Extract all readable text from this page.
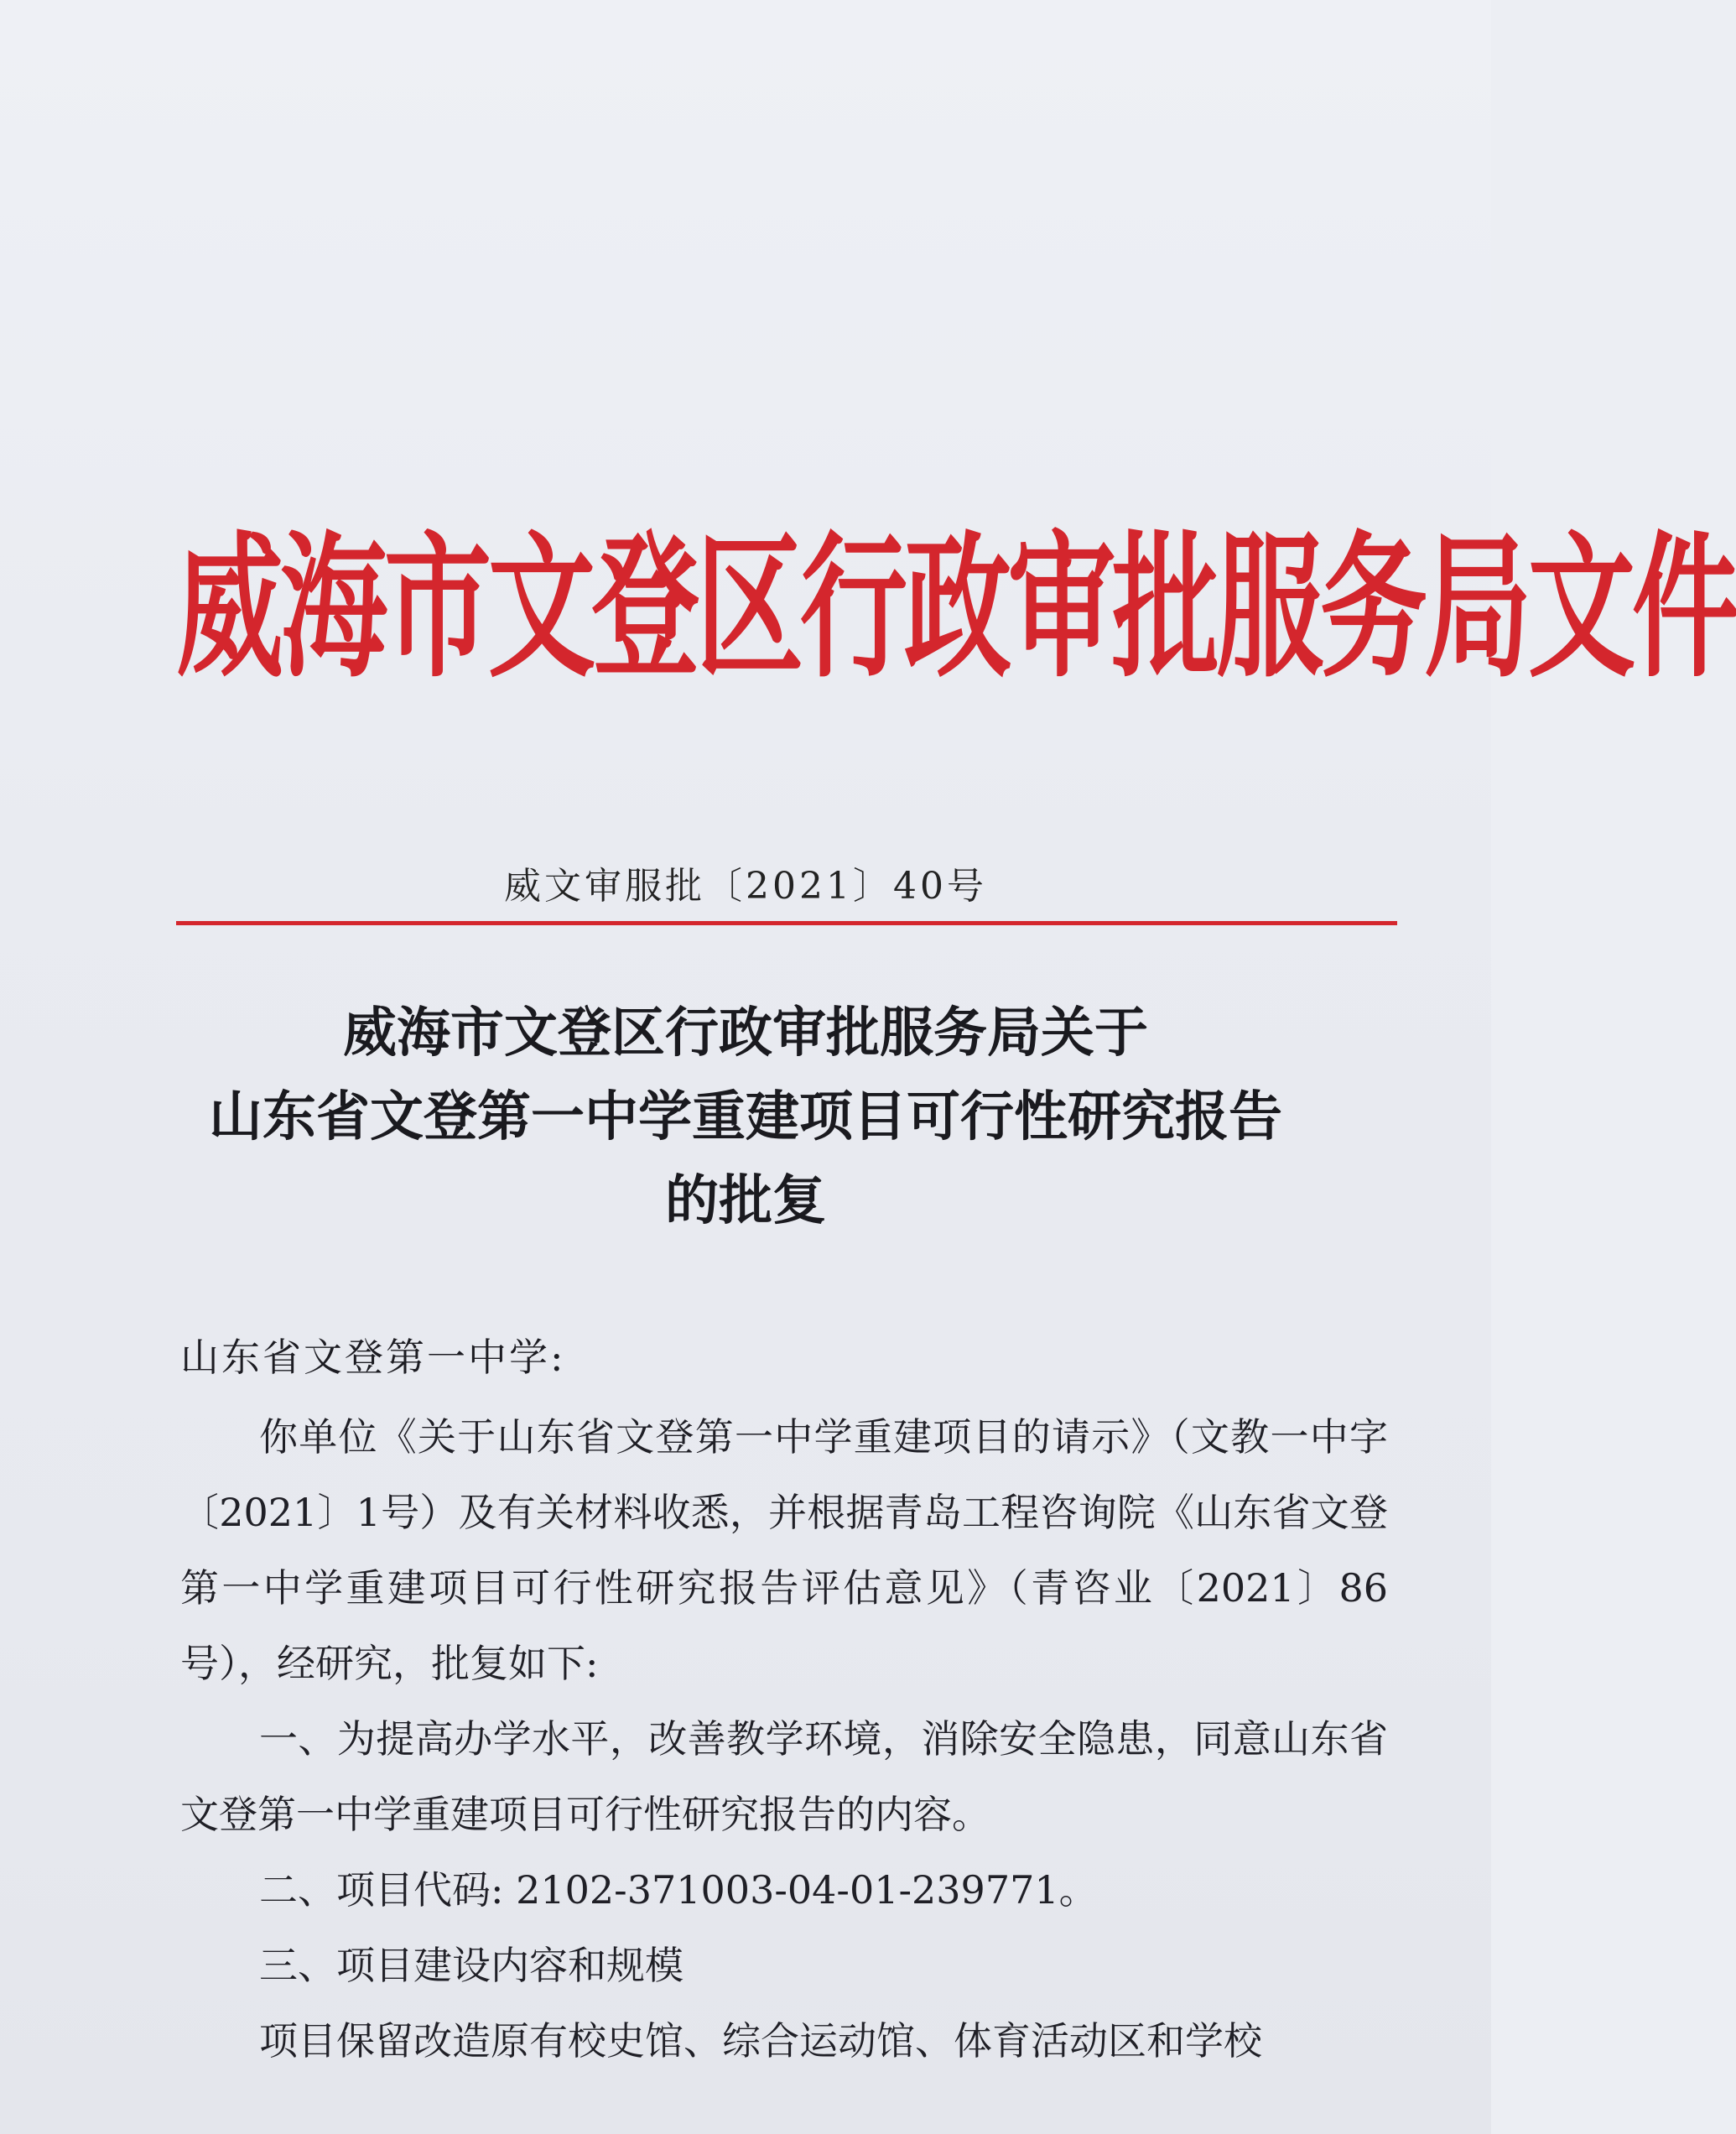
威海市文登区行政审批服务局文件
威文审服批〔2021〕40号
威海市文登区行政审批服务局关于
山东省文登第一中学重建项目可行性研究报告
的批复
山东省文登第一中学:

你单位《关于山东省文登第一中学重建项目的请示》（文教一中字〔2021〕1号）及有关材料收悉，并根据青岛工程咨询院《山东省文登第一中学重建项目可行性研究报告评估意见》（青咨业〔2021〕86号），经研究，批复如下:

一、为提高办学水平，改善教学环境，消除安全隐患，同意山东省文登第一中学重建项目可行性研究报告的内容。

二、项目代码: 2102-371003-04-01-239771。

三、项目建设内容和规模

项目保留改造原有校史馆、综合运动馆、体育活动区和学校
